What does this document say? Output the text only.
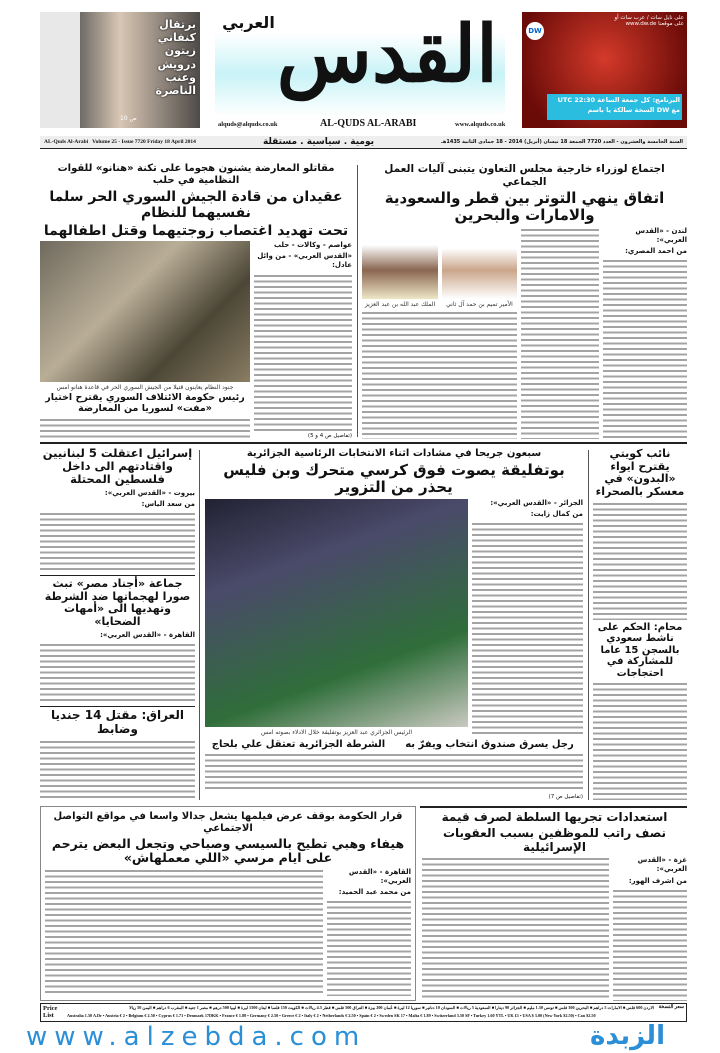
برتقال كنفاني زيتون درويش وعنب الناصرة
ص 10
العربي القدس
alquds@alquds.co.uk	AL-QUDS AL-ARABI	www.alquds.co.uk
على نايل سات / عرب سات أو على موقعنا www.dw.de
DW
البرنامج: كل جمعة الساعة UTC 22:30
مع DW السخة سالكة يا باسم
AL-Quds Al-Arabi   Volume 25 - Issue 7720 Friday 18 April 2014	يومية . سياسية . مستقلة	السنة الخامسة والعشرون - العدد 7720 الجمعة 18 نيسان (أبريل) 2014 - 18 جمادى الثانية 1435هـ
مقاتلو المعارضة يشنون هجوما على تكنة «هنانو» للقوات النظامية في حلب
عقيدان من قادة الجيش السوري الحر سلما نفسيهما للنظام
تحت تهديد اغتصاب زوجتيهما وقتل اطفالهما
جنود النظام يعاينون قتيلا من الجيش السوري الحر في قاعدة هنانو امس
رئيس حكومة الائتلاف السوري يقترح اختيار «مفت» لسوريا من المعارضة
عواصم - وكالات - حلب
«القدس العربي» - من وائل عادل:
(تفاصيل ص 4 و 5)
اجتماع لوزراء خارجية مجلس التعاون يتبنى آليات العمل الجماعي
اتفاق ينهي التوتر بين قطر والسعودية والامارات والبحرين
الملك عبد الله بن عبد العزيز	الأمير تميم بن حمد آل ثاني
لندن - «القدس العربي»:
من احمد المصري:
إسرائيل اعتقلت 5 لبنانيين واقتادتهم الى داخل فلسطين المحتلة
بيروت - «القدس العربي»:
من سعد الياس:
جماعة «أجناد مصر» تبث صورا لهجماتها ضد الشرطة وتهديها الى «أمهات الضحايا»
القاهرة - «القدس العربي»:
العراق: مقتل 14 جنديا وضابط
سبعون جريحا في مشادات اثناء الانتخابات الرئاسية الجزائرية
بوتفليقة يصوت فوق كرسي متحرك وبن فليس يحذر من التزوير
الرئيس الجزائري عبد العزيز بوتفليقة خلال الادلاء بصوته امس
الجزائر - «القدس العربي»:
من كمال زايت:
الشرطة الجزائرية تعتقل علي بلحاج	رجل يسرق صندوق انتخاب ويفرّ به
(تفاصيل ص 7)
نائب كويتي يقترح ايواء «البدون» في معسكر بالصحراء
محام: الحكم على ناشط سعودي بالسجن 15 عاما للمشاركة في احتجاجات
قرار الحكومة بوقف عرض فيلمها يشعل جدالا واسعا في مواقع التواصل الاجتماعي
هيفاء وهبي تطيح بالسيسي وصباحي وتجعل البعض يترحم على ايام مرسي «اللي معملهاش»
القاهرة - «القدس العربي»:
من محمد عبد الحميد:
استعدادات تجريها السلطة لصرف قيمة
نصف راتب للموظفين بسبب العقوبات الإسرائيلية
غزة - «القدس العربي»:
من اشرف الهور:
Price List
الاردن 600 فلس ■ الامارات 5 دراهم ■ البحرين 300 فلس ■ تونس 1.50 مليم ■ الجزائر 90 دينارا ■ السعودية 5 ريالات ■ السودان 10 دنانير ■ سوريا 12 ليرة ■ عُمان 200 بيزة ■ العراق 500 فلس ■ قطر 4.5 ريالات ■ الكويت 150 فلسا ■ لبنان 1500 ليرة ■ ليبيا 500 درهم ■ مصر 1 جنيه ■ المغرب 6 دراهم ■ اليمن 50 ريالا
Australia 1.50 A.Dr • Austria € 2 • Belgium € 2.50 • Cyprus € 1.71 • Denmark 17DKK • France € 1.80 • Germany € 2.50 • Greece € 2 • Italy € 2 • Netherlands € 2.50 • Spain € 2 • Sweden SK 17 • Malta € 1.89 • Switzerland 3.50 SF • Turkey 1.60 YTL • UK £1 • USA $ 3.00 (New York $2.50) • Can $2.50
سعر النسخة
www.alzebda.com	الزبدة
